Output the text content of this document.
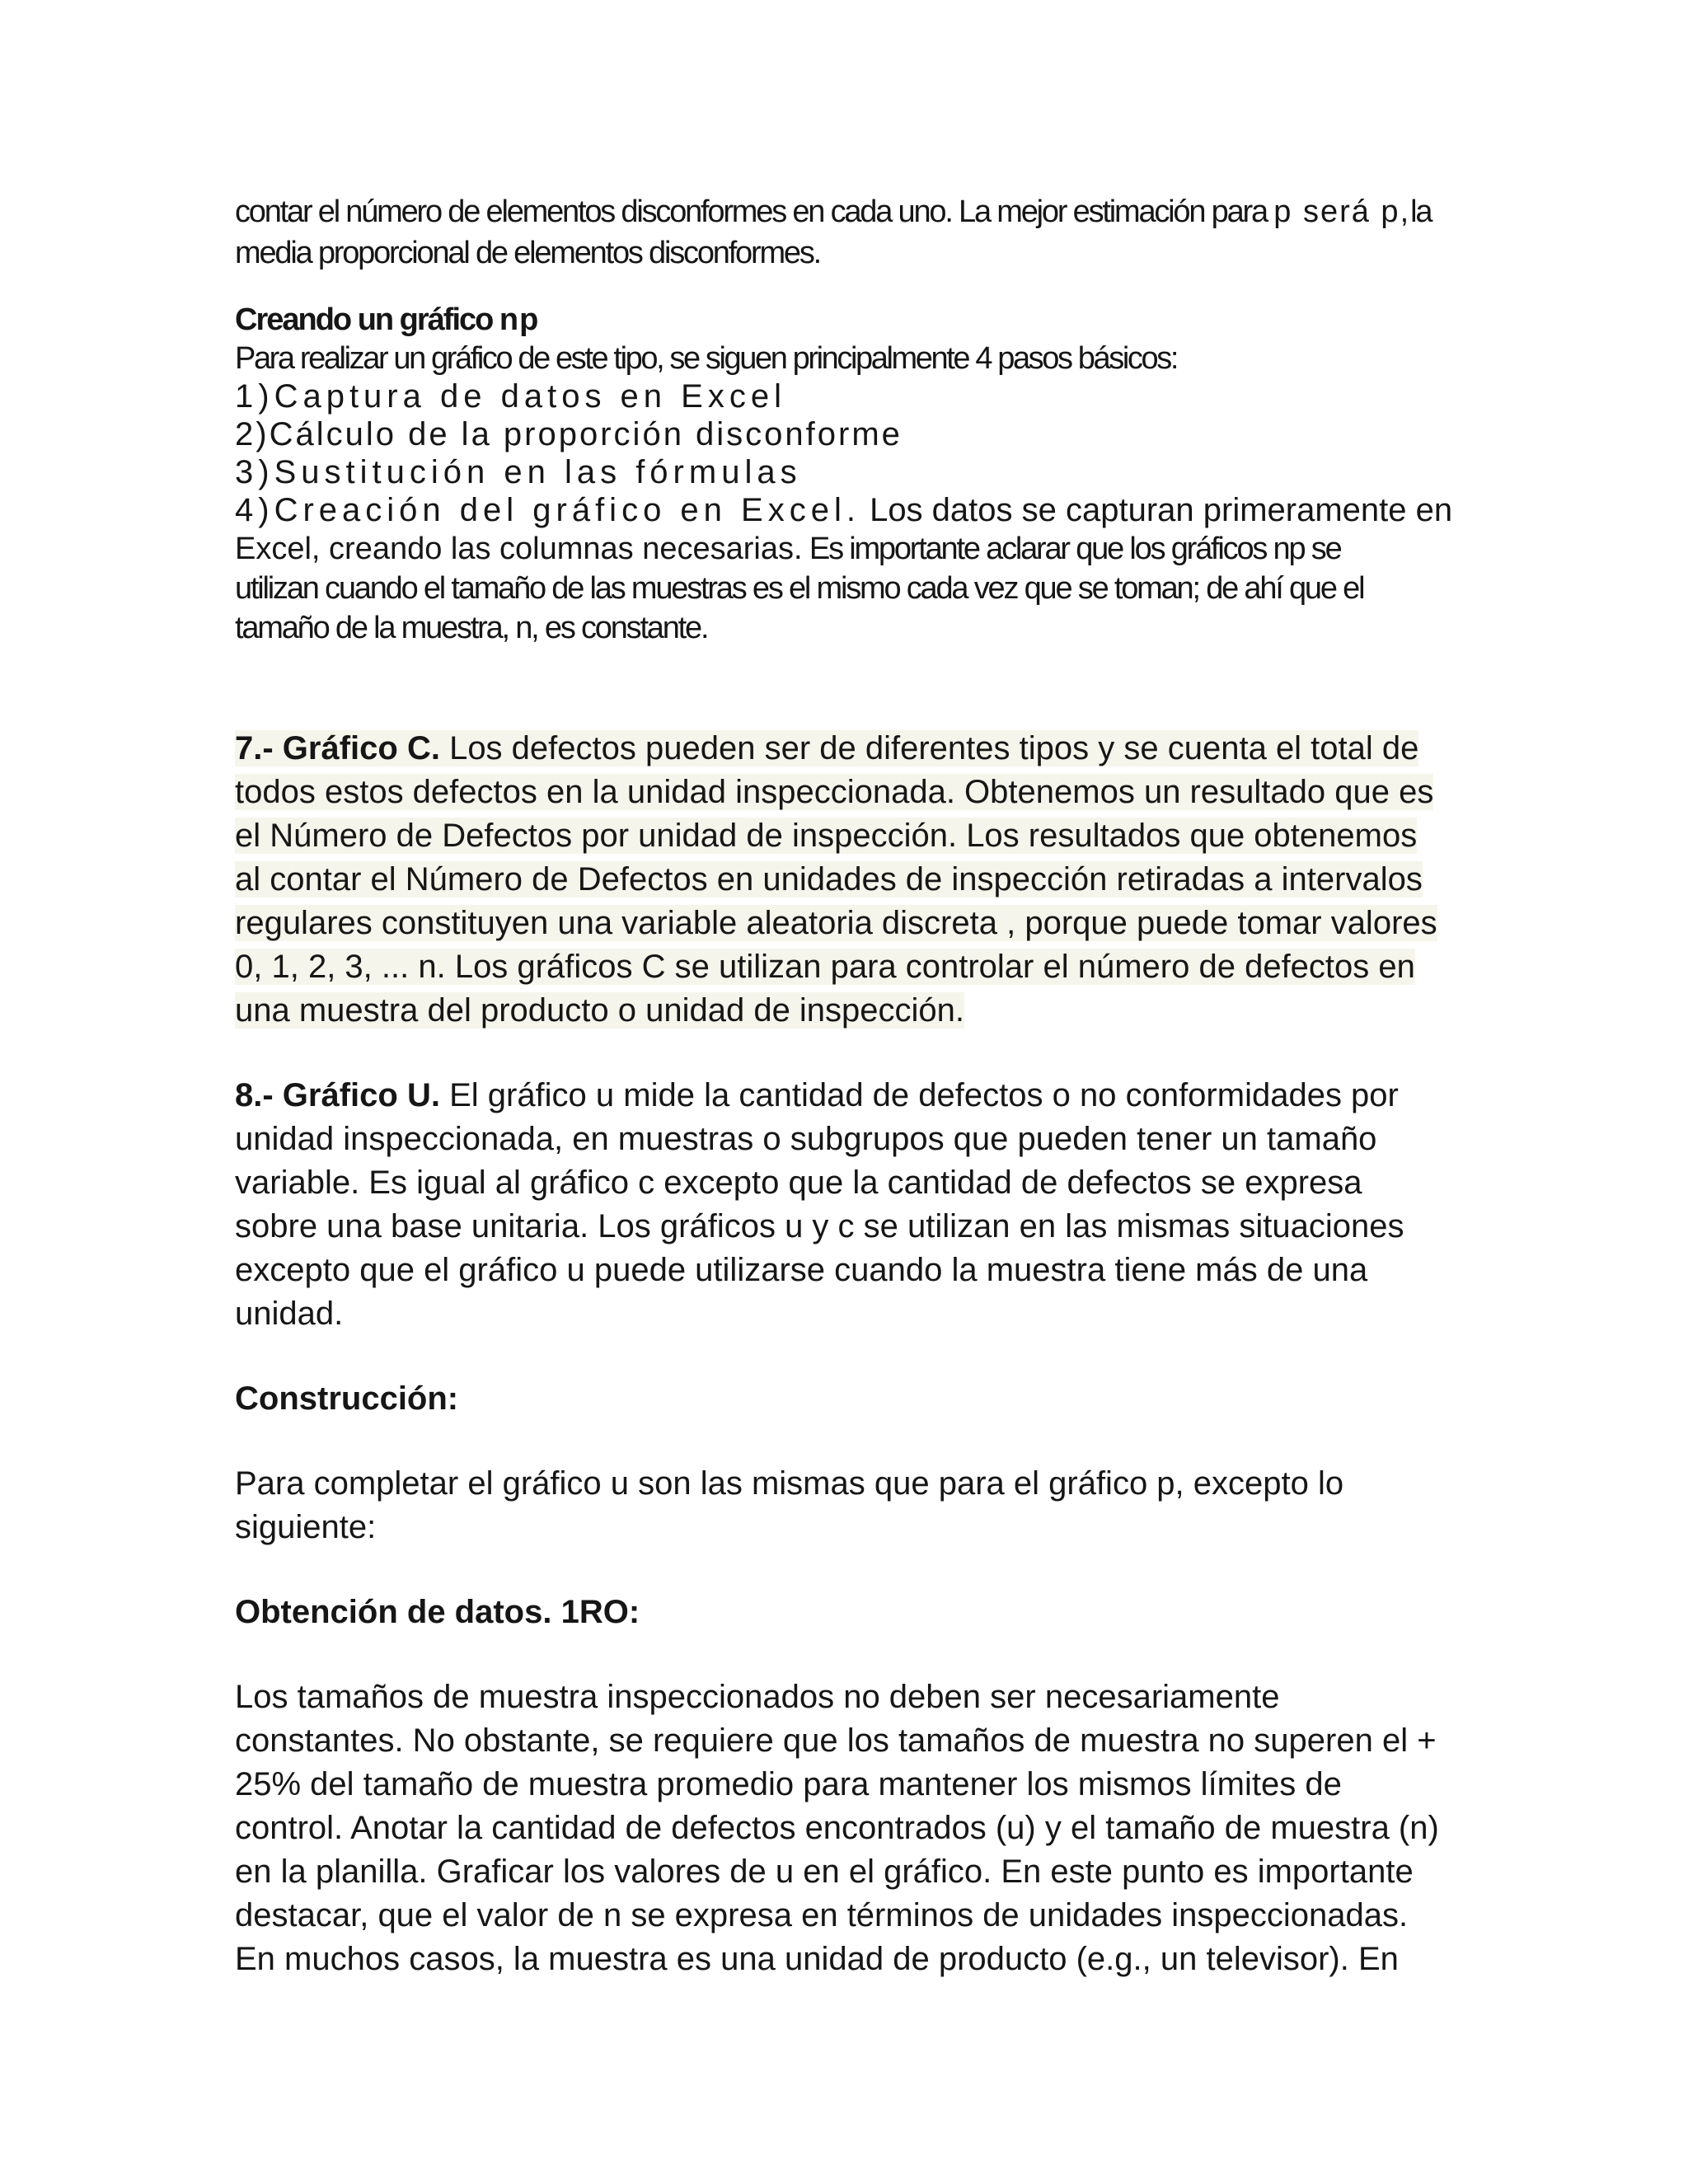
contar el número de elementos disconformes en cada uno. La mejor estimación para p será p,la

media proporcional de elementos disconformes.

Creando un gráfico np

Para realizar un gráfico de este tipo, se siguen principalmente 4 pasos básicos:

1)Captura de datos en Excel
2)Cálculo de la proporción disconforme
3)Sustitución en las fórmulas
4)Creación del gráfico en Excel. Los datos se capturan primeramente en

Excel, creando las columnas necesarias. Es importante aclarar que los gráficos np se

utilizan cuando el tamaño de las muestras es el mismo cada vez que se toman; de ahí que el

tamaño de la muestra, n, es constante.

7.- Gráfico C. Los defectos pueden ser de diferentes tipos y se cuenta el total de

todos estos defectos en la unidad inspeccionada. Obtenemos un resultado que es

el Número de Defectos por unidad de inspección. Los resultados que obtenemos

al contar el Número de Defectos en unidades de inspección retiradas a intervalos

regulares constituyen una variable aleatoria discreta , porque puede tomar valores

0, 1, 2, 3, ... n. Los gráficos C se utilizan para controlar el número de defectos en

una muestra del producto o unidad de inspección.

8.- Gráfico U. El gráfico u mide la cantidad de defectos o no conformidades por

unidad inspeccionada, en muestras o subgrupos que pueden tener un tamaño

variable. Es igual al gráfico c excepto que la cantidad de defectos se expresa

sobre una base unitaria. Los gráficos u y c se utilizan en las mismas situaciones

excepto que el gráfico u puede utilizarse cuando la muestra tiene más de una

unidad.

Construcción:

Para completar el gráfico u son las mismas que para el gráfico p, excepto lo

siguiente:

Obtención de datos. 1RO:

Los tamaños de muestra inspeccionados no deben ser necesariamente

constantes. No obstante, se requiere que los tamaños de muestra no superen el +

25% del tamaño de muestra promedio para mantener los mismos límites de

control. Anotar la cantidad de defectos encontrados (u) y el tamaño de muestra (n)

en la planilla. Graficar los valores de u en el gráfico. En este punto es importante

destacar, que el valor de n se expresa en términos de unidades inspeccionadas.

En muchos casos, la muestra es una unidad de producto (e.g., un televisor). En
